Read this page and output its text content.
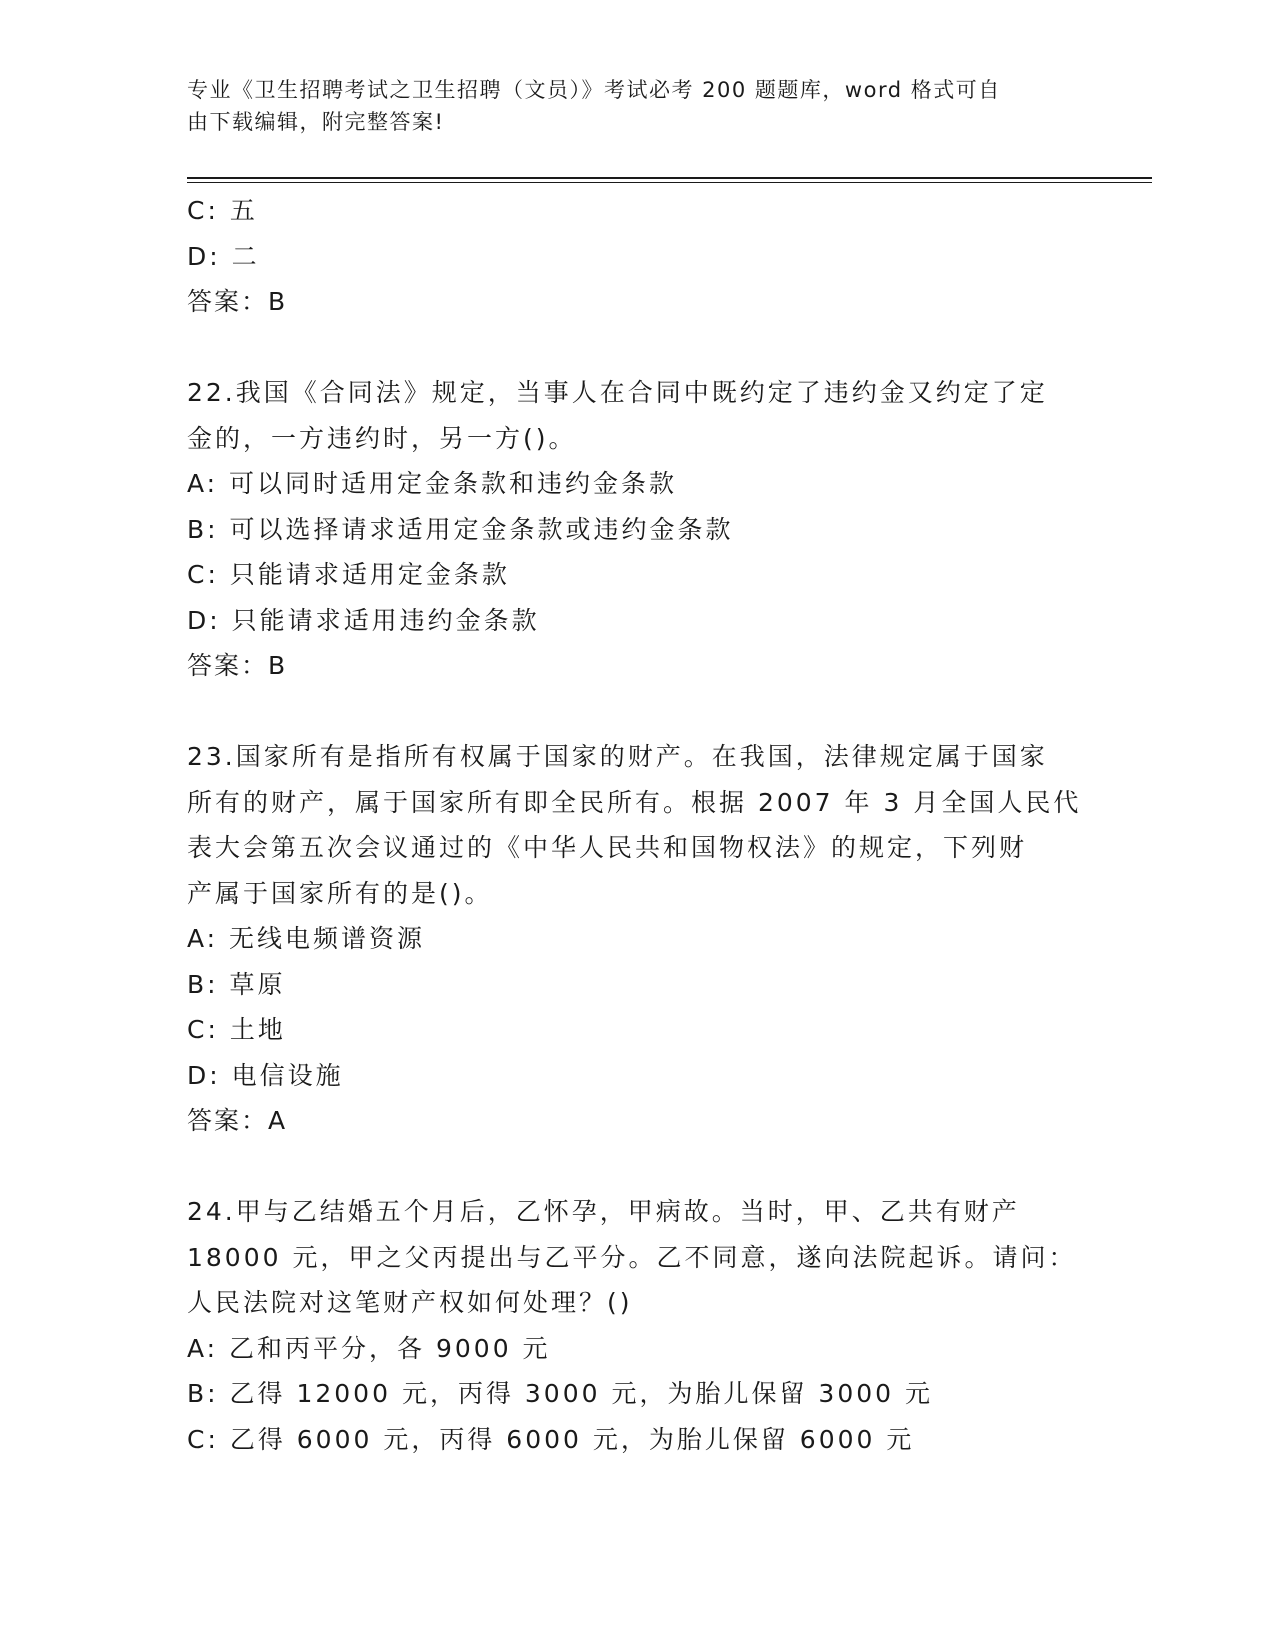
专业《卫生招聘考试之卫生招聘（文员）》考试必考 200 题题库，word 格式可自
由下载编辑，附完整答案!
C: 五
D: 二
答案：B
22.我国《合同法》规定，当事人在合同中既约定了违约金又约定了定
金的，一方违约时，另一方()。
A: 可以同时适用定金条款和违约金条款
B: 可以选择请求适用定金条款或违约金条款
C: 只能请求适用定金条款
D: 只能请求适用违约金条款
答案：B
23.国家所有是指所有权属于国家的财产。在我国，法律规定属于国家
所有的财产，属于国家所有即全民所有。根据 2007 年 3 月全国人民代
表大会第五次会议通过的《中华人民共和国物权法》的规定，下列财
产属于国家所有的是()。
A: 无线电频谱资源
B: 草原
C: 土地
D: 电信设施
答案：A
24.甲与乙结婚五个月后，乙怀孕，甲病故。当时，甲、乙共有财产
18000 元，甲之父丙提出与乙平分。乙不同意，遂向法院起诉。请问：
人民法院对这笔财产权如何处理？()
A: 乙和丙平分，各 9000 元
B: 乙得 12000 元，丙得 3000 元，为胎儿保留 3000 元
C: 乙得 6000 元，丙得 6000 元，为胎儿保留 6000 元
